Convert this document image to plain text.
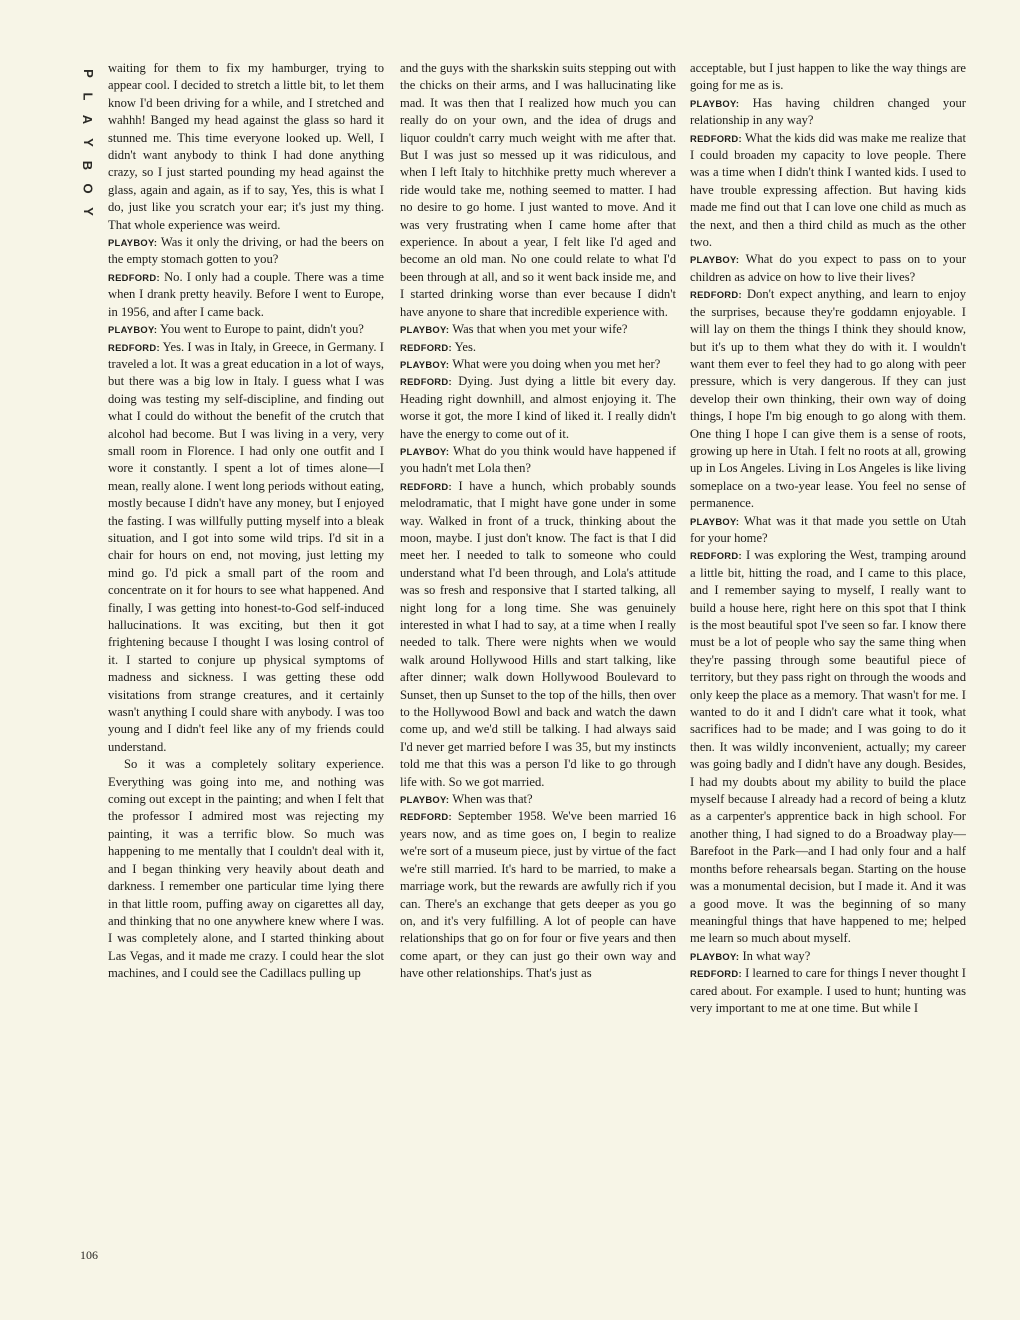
P
L
A
Y
B
O
Y

waiting for them to fix my hamburger, trying to appear cool. I decided to stretch a little bit, to let them know I'd been driving for a while, and I stretched and wahhh! Banged my head against the glass so hard it stunned me. This time everyone looked up. Well, I didn't want anybody to think I had done anything crazy, so I just started pounding my head against the glass, again and again, as if to say, Yes, this is what I do, just like you scratch your ear; it's just my thing. That whole experience was weird.

PLAYBOY: Was it only the driving, or had the beers on the empty stomach gotten to you?

REDFORD: No. I only had a couple. There was a time when I drank pretty heavily. Before I went to Europe, in 1956, and after I came back.

PLAYBOY: You went to Europe to paint, didn't you?

REDFORD: Yes. I was in Italy, in Greece, in Germany. I traveled a lot. It was a great education in a lot of ways, but there was a big low in Italy. I guess what I was doing was testing my self-discipline, and finding out what I could do without the benefit of the crutch that alcohol had become. But I was living in a very, very small room in Florence. I had only one outfit and I wore it constantly. I spent a lot of times alone—I mean, really alone. I went long periods without eating, mostly because I didn't have any money, but I enjoyed the fasting. I was willfully putting myself into a bleak situation, and I got into some wild trips. I'd sit in a chair for hours on end, not moving, just letting my mind go. I'd pick a small part of the room and concentrate on it for hours to see what happened. And finally, I was getting into honest-to-God self-induced hallucinations. It was exciting, but then it got frightening because I thought I was losing control of it. I started to conjure up physical symptoms of madness and sickness. I was getting these odd visitations from strange creatures, and it certainly wasn't anything I could share with anybody. I was too young and I didn't feel like any of my friends could understand.

So it was a completely solitary experience. Everything was going into me, and nothing was coming out except in the painting; and when I felt that the professor I admired most was rejecting my painting, it was a terrific blow. So much was happening to me mentally that I couldn't deal with it, and I began thinking very heavily about death and darkness. I remember one particular time lying there in that little room, puffing away on cigarettes all day, and thinking that no one anywhere knew where I was. I was completely alone, and I started thinking about Las Vegas, and it made me crazy. I could hear the slot machines, and I could see the Cadillacs pulling up

and the guys with the sharkskin suits stepping out with the chicks on their arms, and I was hallucinating like mad. It was then that I realized how much you can really do on your own, and the idea of drugs and liquor couldn't carry much weight with me after that. But I was just so messed up it was ridiculous, and when I left Italy to hitchhike pretty much wherever a ride would take me, nothing seemed to matter. I had no desire to go home. I just wanted to move. And it was very frustrating when I came home after that experience. In about a year, I felt like I'd aged and become an old man. No one could relate to what I'd been through at all, and so it went back inside me, and I started drinking worse than ever because I didn't have anyone to share that incredible experience with.

PLAYBOY: Was that when you met your wife?

REDFORD: Yes.

PLAYBOY: What were you doing when you met her?

REDFORD: Dying. Just dying a little bit every day. Heading right downhill, and almost enjoying it. The worse it got, the more I kind of liked it. I really didn't have the energy to come out of it.

PLAYBOY: What do you think would have happened if you hadn't met Lola then?

REDFORD: I have a hunch, which probably sounds melodramatic, that I might have gone under in some way. Walked in front of a truck, thinking about the moon, maybe. I just don't know. The fact is that I did meet her. I needed to talk to someone who could understand what I'd been through, and Lola's attitude was so fresh and responsive that I started talking, all night long for a long time. She was genuinely interested in what I had to say, at a time when I really needed to talk. There were nights when we would walk around Hollywood Hills and start talking, like after dinner; walk down Hollywood Boulevard to Sunset, then up Sunset to the top of the hills, then over to the Hollywood Bowl and back and watch the dawn come up, and we'd still be talking. I had always said I'd never get married before I was 35, but my instincts told me that this was a person I'd like to go through life with. So we got married.

PLAYBOY: When was that?

REDFORD: September 1958. We've been married 16 years now, and as time goes on, I begin to realize we're sort of a museum piece, just by virtue of the fact we're still married. It's hard to be married, to make a marriage work, but the rewards are awfully rich if you can. There's an exchange that gets deeper as you go on, and it's very fulfilling. A lot of people can have relationships that go on for four or five years and then come apart, or they can just go their own way and have other relationships. That's just as

acceptable, but I just happen to like the way things are going for me as is.

PLAYBOY: Has having children changed your relationship in any way?

REDFORD: What the kids did was make me realize that I could broaden my capacity to love people. There was a time when I didn't think I wanted kids. I used to have trouble expressing affection. But having kids made me find out that I can love one child as much as the next, and then a third child as much as the other two.

PLAYBOY: What do you expect to pass on to your children as advice on how to live their lives?

REDFORD: Don't expect anything, and learn to enjoy the surprises, because they're goddamn enjoyable. I will lay on them the things I think they should know, but it's up to them what they do with it. I wouldn't want them ever to feel they had to go along with peer pressure, which is very dangerous. If they can just develop their own thinking, their own way of doing things, I hope I'm big enough to go along with them. One thing I hope I can give them is a sense of roots, growing up here in Utah. I felt no roots at all, growing up in Los Angeles. Living in Los Angeles is like living someplace on a two-year lease. You feel no sense of permanence.

PLAYBOY: What was it that made you settle on Utah for your home?

REDFORD: I was exploring the West, tramping around a little bit, hitting the road, and I came to this place, and I remember saying to myself, I really want to build a house here, right here on this spot that I think is the most beautiful spot I've seen so far. I know there must be a lot of people who say the same thing when they're passing through some beautiful piece of territory, but they pass right on through the woods and only keep the place as a memory. That wasn't for me. I wanted to do it and I didn't care what it took, what sacrifices had to be made; and I was going to do it then. It was wildly inconvenient, actually; my career was going badly and I didn't have any dough. Besides, I had my doubts about my ability to build the place myself because I already had a record of being a klutz as a carpenter's apprentice back in high school. For another thing, I had signed to do a Broadway play—Barefoot in the Park—and I had only four and a half months before rehearsals began. Starting on the house was a monumental decision, but I made it. And it was a good move. It was the beginning of so many meaningful things that have happened to me; helped me learn so much about myself.

PLAYBOY: In what way?

REDFORD: I learned to care for things I never thought I cared about. For example. I used to hunt; hunting was very important to me at one time. But while I

106
